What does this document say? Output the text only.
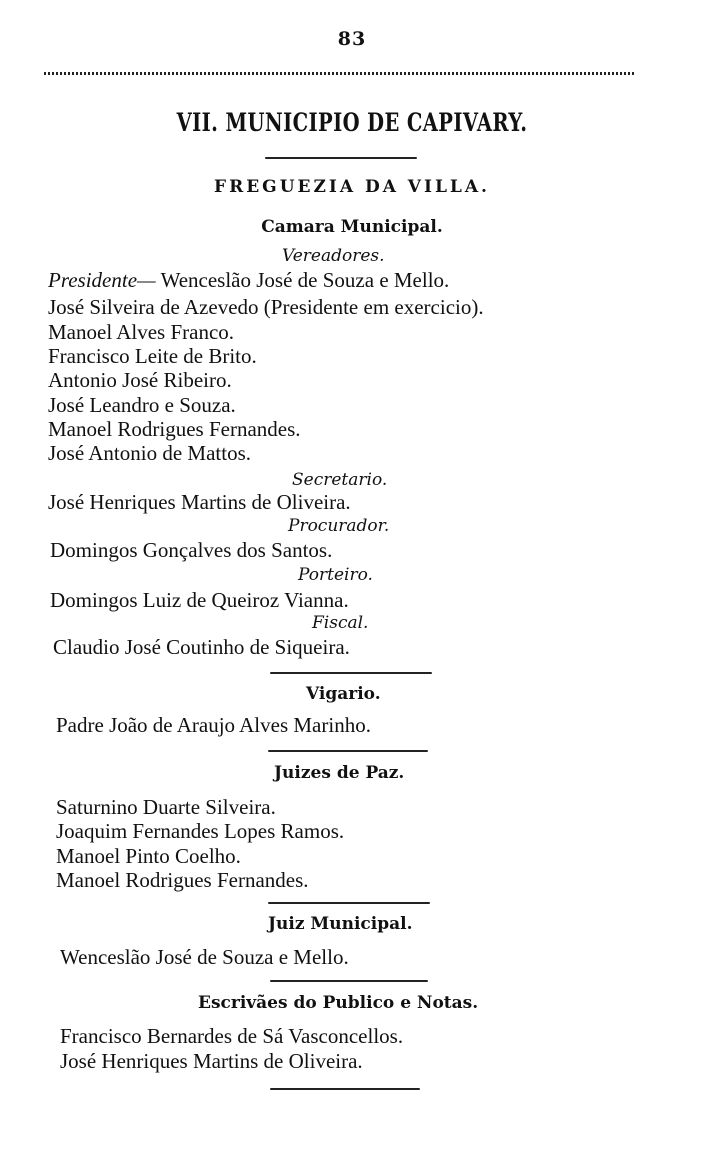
83
VII. MUNICIPIO DE CAPIVARY.
FREGUEZIA DA VILLA.
Camara Municipal.
Vereadores.
Presidente— Wenceslão José de Souza e Mello.
José Silveira de Azevedo (Presidente em exercicio).
Manoel Alves Franco.
Francisco Leite de Brito.
Antonio José Ribeiro.
José Leandro e Souza.
Manoel Rodrigues Fernandes.
José Antonio de Mattos.
Secretario.
José Henriques Martins de Oliveira.
Procurador.
Domingos Gonçalves dos Santos.
Porteiro.
Domingos Luiz de Queiroz Vianna.
Fiscal.
Claudio José Coutinho de Siqueira.
Vigario.
Padre João de Araujo Alves Marinho.
Juizes de Paz.
Saturnino Duarte Silveira.
Joaquim Fernandes Lopes Ramos.
Manoel Pinto Coelho.
Manoel Rodrigues Fernandes.
Juiz Municipal.
Wenceslão José de Souza e Mello.
Escrivães do Publico e Notas.
Francisco Bernardes de Sá Vasconcellos.
José Henriques Martins de Oliveira.
